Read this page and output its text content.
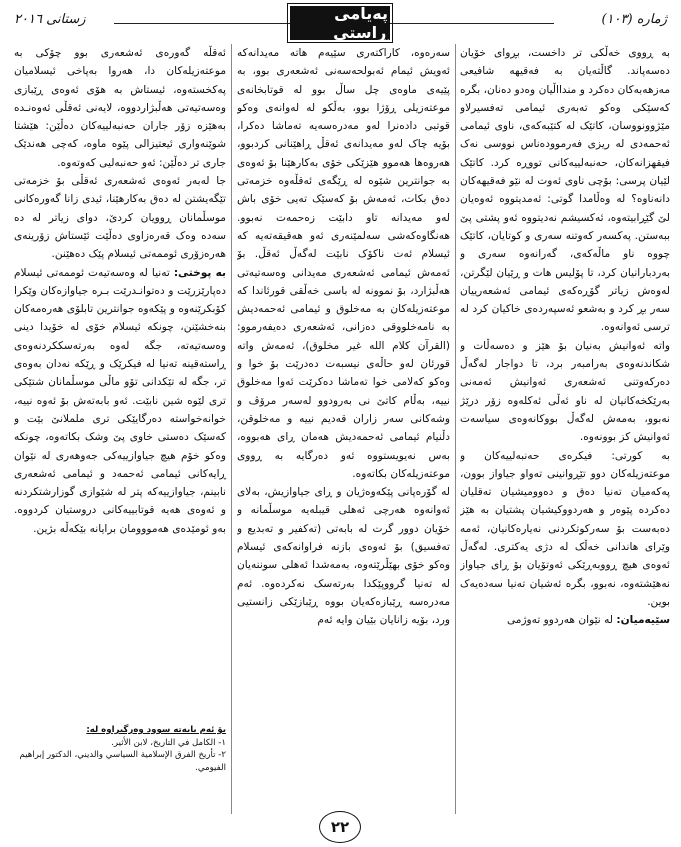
ژمارە (١٠٣)
پەیامی ڕاستی
زستانی ٢٠١٦

بە ڕووی خەڵکی تر داخست، بڕوای خۆیان دەسەپاند. گاڵتەیان بە فەقیهە شافیعی مەزهەبەکان دەکرد و مندااڵیان وەدو دەنان، بگرە کەسێکی وەکو تەبەری ئیمامی تەفسیرلاو مێژوونووسان، کاتێک لە کتێبەکەی، ناوی ئیمامی ئەحمەدی لە ریزی فەرموودەناس نووسی نەک فیقهزانەکان، حەنبەلییەکانی تووڕە کرد. کاتێک لێیان پرسی: بۆچی ناوی ئەوت لە نێو فەقیهەکان دانەناوە؟ لە وەڵامدا گوتی: ئەمدیتووە ئەوەیان لێ گێڕابیتەوە، ئەکسیشم نەدیتووە ئەو پشتی پێ ببەستن. پەکسەر کەوتنە سەری و کوتایان، کاتێک چووە ناو ماڵەکەی، گەرانەوە سەری و بەردبارانیان کرد، تا پۆلیس هات و ڕێیان لێگرتن، لەوەش زیاتر گۆڕەکەی ئیمامی ئەشعەرییان سەر بڕ کرد و بەشعو ئەسپەردەی خاکیان کرد لە ترسی ئەوانەوە.

واتە ئەوانیش بەنیان بۆ هێز و دەسەڵات و شکاندنەوەی بەرامبەر برد، تا دواجار لەگەڵ دەرکەوتنی ئەشعەری ئەوانیش ئەمەنی بەرێکخەکانیان لە ناو ئەڵی ئەکلەوە زۆر درێژ نەبوو، بەمەش لەگەڵ بووکانەوەی سیاسەت ئەوانیش کز بوونەوە.

بە کورتی: فیکرەی حەنبەلییەکان و موعتەزیلەکان دوو تێڕوانینی تەواو جیاواز بوون، پەکەمیان تەنیا دەق و دەوومیشیان تەقلیان دەکردە پێوەر و هەردووکیشیان پشتیان بە هێز دەبەست بۆ سەرکوتکردنی نەیارەکانیان، ئەمە وێرای هاندانی خەڵک لە دژی یەکتری. لەگەڵ ئەوەی هیچ ڕووبەڕێکی ئەوتۆیان بۆ ڕای جیاواز نەهێشتەوە، نەبوو، بگرە ئەشیان تەنیا سەدەیەک بوین.

سێیەمیان: لە نێوان هەردوو تەوژمی

سەرەوە، کاراکتەری سێیەم هاتە مەیدانەکە ئەویش ئیمام ئەبولحەسەنی ئەشعەری بوو، بە پێیەی ماوەی چل ساڵ بوو لە قوتابخانەی موعتەزیلی ڕۆژا بوو، بەڵکو لە لەوانەی وەکو قوتبی دادەنرا لەو مەدرەسەیە تەماشا دەکرا، بۆیە چاک لەو مەیدانەی ئەقڵ ڕاهێنانی کردبوو، هەروەها هەموو هێزێکی خۆی بەکارهێنا بۆ ئەوەی بە جوانترین شێوە لە ڕێگەی ئەقڵەوە خزمەتی دەق بکات، ئەمەش بۆ کەسێک تەیی خۆی باش لەو مەیدانە تاو دابێت زەحمەت نەبوو. هەنگاوەکەشی سەلمێنەری ئەو هەقیقەتەیە کە ئیسلام ئەت ناکۆک نابێت لەگەڵ ئەقڵ. بۆ ئەمەش ئیمامی ئەشعەری مەیدانی وەسەتیەتی هەڵبژارد، بۆ نموونە لە باسی خەڵقی قورئاندا کە موعتەزیلەکان بە مەخلوق و ئیمامی ئەحمەدیش بە نامەخلووقی دەزانی، ئەشعەری دەیفەرموو: (القرآن کلام الله غیر مخلوق)، ئەمەش واتە قورئان لەو حاڵەی نیسبەت دەدرێت بۆ خوا و وەکو کەلامی خوا تەماشا دەکرێت ئەوا مەخلوق نییە، بەڵام کاتێ نی بەرودوو لەسەر مرۆڤ و وشەکانی سەر زاران قەدیم نییە و مەخلوقن، دڵنیام ئیمامی ئەحمەدیش هەمان ڕای هەبووە، بەس نەیویستووە ئەو دەرگایە بە ڕووی موعتەزیلەکان بکاتەوە.

لە گۆرەپانی پێکەوەژیان و ڕای جیاوازیش، بەلای ئەوانەوە هەرچی ئەهلی قیبلەیە موسڵمانە و خۆیان دوور گرت لە بابەتی (تەکفیر و تەبدیع و تەفسیق) بۆ ئەوەی بازنە فراوانەکەی ئیسلام وەکو خۆی بهێڵرێتەوە، بەمەشدا ئەهلی سوننەیان لە تەنیا گرووپێکدا بەرتەسک نەکردەوە. ئەم مەدرەسە ڕێبازەکەیان بووە ڕێبازێکی زانستیی ورد، بۆیە زانایان بێیان وایە ئەم

ئەقڵە گەورەی ئەشعەری بوو چۆکی بە موعتەزیلەکان دا، هەروا بەپاخی ئیسلامیان پەکخستەوە، ئیستاش بە هۆی ئەوەی ڕێبازی وەسەتیەتی هەڵبژاردووە، لایەنی ئەقڵی ئەوەنـدە بەهێزە زۆر جاران حەنبەلییەکان دەڵێن: هێشتا شوێنەواری ئیعتیزالی پێوە ماوە، کەچی هەندێک جاری تر دەڵێن: ئەو حەنبەلیی کەوتەوە.

جا لەبەر ئەوەی ئەشعەری ئەقڵی بۆ خزمەتی تێگەیشتن لە دەق بەکارهێنا، ئیدی زانا گەورەکانی موسڵمانان ڕوویان کردێ، دوای زیاتر لە دە سەدە وەک قەرەزاوی دەڵێت ئێستاش زۆرینەی هەرەزۆری ئوممەتی ئیسلام پێک دەهێنن.

بە پوختی: تەنیا لە وەسەتیەت ئوممەتی ئیسلام دەپارێزرێت و دەتوانـدرێت بـرە جیاوازەکان وێکرا کۆبکرێنەوە و پێکەوە جوانترین تابلۆی هەرەمەکان بنەخشێنن، چونکە ئیسلام خۆی لە خۆیدا دینی وەسەتیەتە، جگە لەوە بەرتەسککردنەوەی ڕاستەقینە تەنیا لە فیکرێک و ڕێکە نەدان بەوەی تر، جگە لە تێکدانی تۆو ماڵی موسڵمانان شتێکی تری لێوە شین نابێت. ئەو بابەتەش بۆ ئەوە نییە، خوانەخواستە دەرگایێکی تری ململانێ بێت و کەسێک دەستی خاوی پێ وشک بکاتەوە، چونکە وەکو خۆم هیچ جیاوازییەکی جەوهەری لە نێوان ڕایەکانی ئیمامی ئەحمەد و ئیمامی ئەشعەری نابینم، جیاوازییەکە پتر لە شێوازی گوزارشتکردنە و ئەوەی هەیە قوتابییەکانی دروستیان کردووە. بەو ئومێدەی هەمووومان برایانە بێکەڵە بژین.

بۆ ئەم بابەتە سوود وەرگیراوە لە:
١- الکامل في التاریخ، لابن الأثیر.
٢- تأریخ الفرق الإسلامیة السیاسي والدیني، الدکتور إبراهیم الفیومي.
٢٢
